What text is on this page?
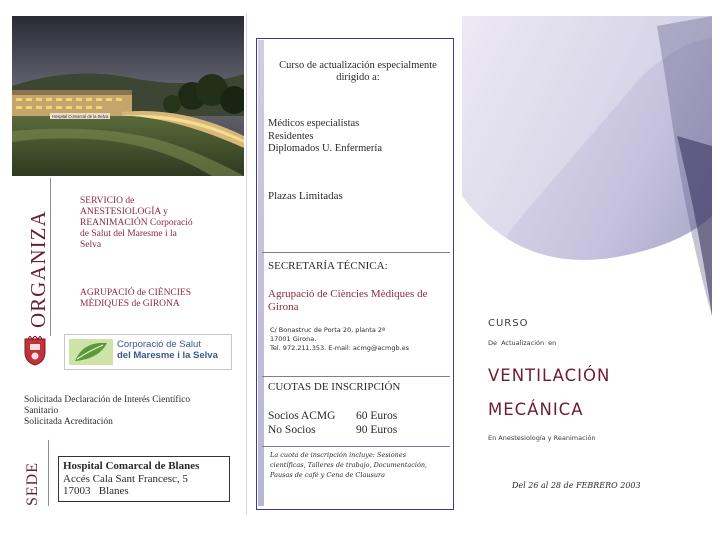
Hospital Comarcal de la Selva
ORGANIZA
SERVICIO de ANESTESIOLOGÍA y REANIMACIÓN Corporació de Salut del Maresme i la Selva
AGRUPACIÓ de CIÈNCIES MÈDIQUES de GIRONA
Corporació de Salut
del Maresme i la Selva
Solicitada Declaración de Interés Científico Sanitario
Solicitada Acreditación
SEDE Hospital Comarcal de Blanes
Accés Cala Sant Francesc, 5
17003   Blanes
Curso de actualización especialmente dirigido a:
Médicos especialistas
Residentes
Diplomados U. Enfermería
Plazas Limitadas
SECRETARÍA TÉCNICA:
Agrupació de Ciències Mèdiques de Girona
C/ Bonastruc de Porta 20, planta 2ª
17001 Girona.
Tel. 972.211.353. E-mail: acmg@acmgb.es
CUOTAS DE INSCRIPCIÓN
Socios ACMG 60 Euros
No Socios	90 Euros
La cuota de inscripción incluye: Sesiones científicas, Talleres de trabajo, Documentación, Pausas de café y Cena de Clausura
CURSO
De Actualización en
VENTILACIÓN
MECÁNICA
En Anestesiología y Reanimación
Del 26 al 28 de FEBRERO 2003
